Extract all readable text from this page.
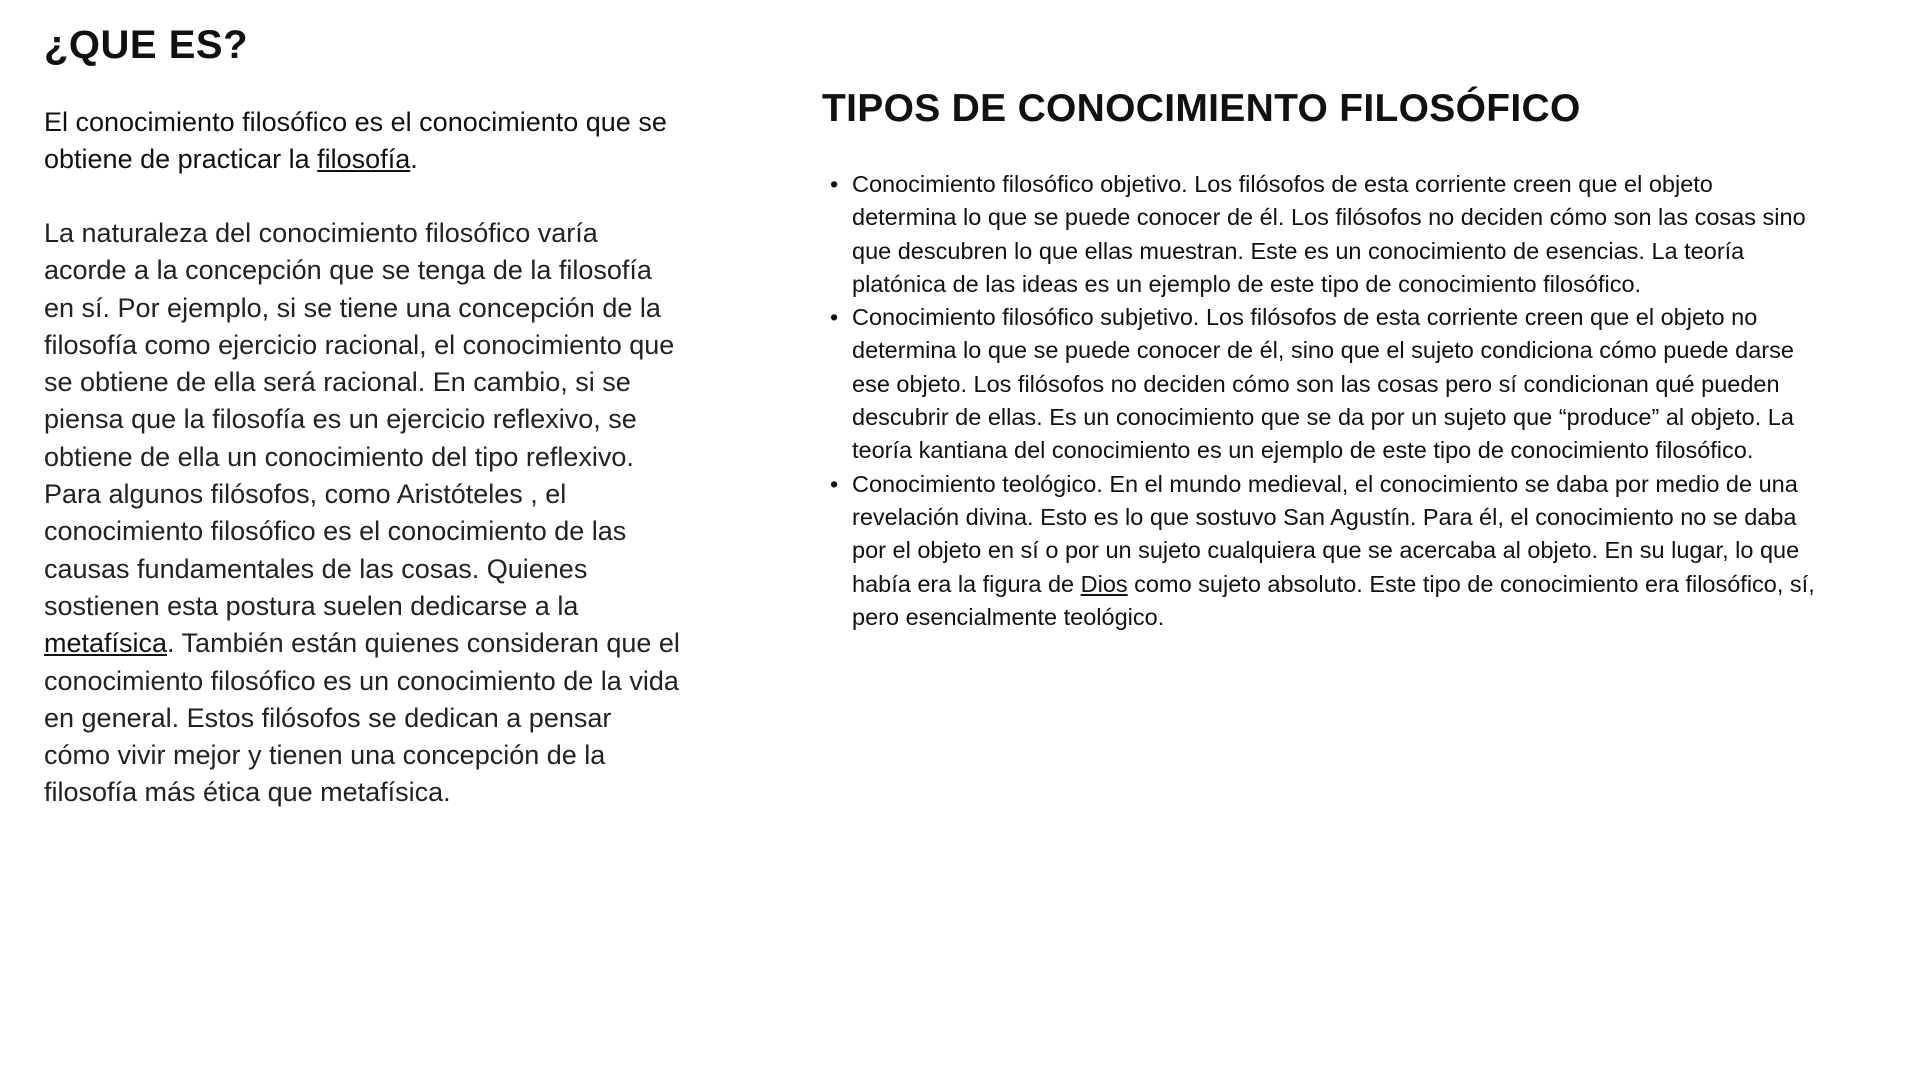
¿QUE ES?

El conocimiento filosófico es el conocimiento que se obtiene de practicar la filosofía.

La naturaleza del conocimiento filosófico varía acorde a la concepción que se tenga de la filosofía en sí. Por ejemplo, si se tiene una concepción de la filosofía como ejercicio racional, el conocimiento que se obtiene de ella será racional. En cambio, si se piensa que la filosofía es un ejercicio reflexivo, se obtiene de ella un conocimiento del tipo reflexivo. Para algunos filósofos, como Aristóteles , el conocimiento filosófico es el conocimiento de las causas fundamentales de las cosas. Quienes sostienen esta postura suelen dedicarse a la metafísica. También están quienes consideran que el conocimiento filosófico es un conocimiento de la vida en general. Estos filósofos se dedican a pensar cómo vivir mejor y tienen una concepción de la filosofía más ética que metafísica.

TIPOS DE CONOCIMIENTO FILOSÓFICO
• Conocimiento filosófico objetivo. Los filósofos de esta corriente creen que el objeto determina lo que se puede conocer de él. Los filósofos no deciden cómo son las cosas sino que descubren lo que ellas muestran. Este es un conocimiento de esencias. La teoría platónica de las ideas es un ejemplo de este tipo de conocimiento filosófico.
• Conocimiento filosófico subjetivo. Los filósofos de esta corriente creen que el objeto no determina lo que se puede conocer de él, sino que el sujeto condiciona cómo puede darse ese objeto. Los filósofos no deciden cómo son las cosas pero sí condicionan qué pueden descubrir de ellas. Es un conocimiento que se da por un sujeto que “produce” al objeto. La teoría kantiana del conocimiento es un ejemplo de este tipo de conocimiento filosófico.
• Conocimiento teológico. En el mundo medieval, el conocimiento se daba por medio de una revelación divina. Esto es lo que sostuvo San Agustín. Para él, el conocimiento no se daba por el objeto en sí o por un sujeto cualquiera que se acercaba al objeto. En su lugar, lo que había era la figura de Dios como sujeto absoluto. Este tipo de conocimiento era filosófico, sí, pero esencialmente teológico.
